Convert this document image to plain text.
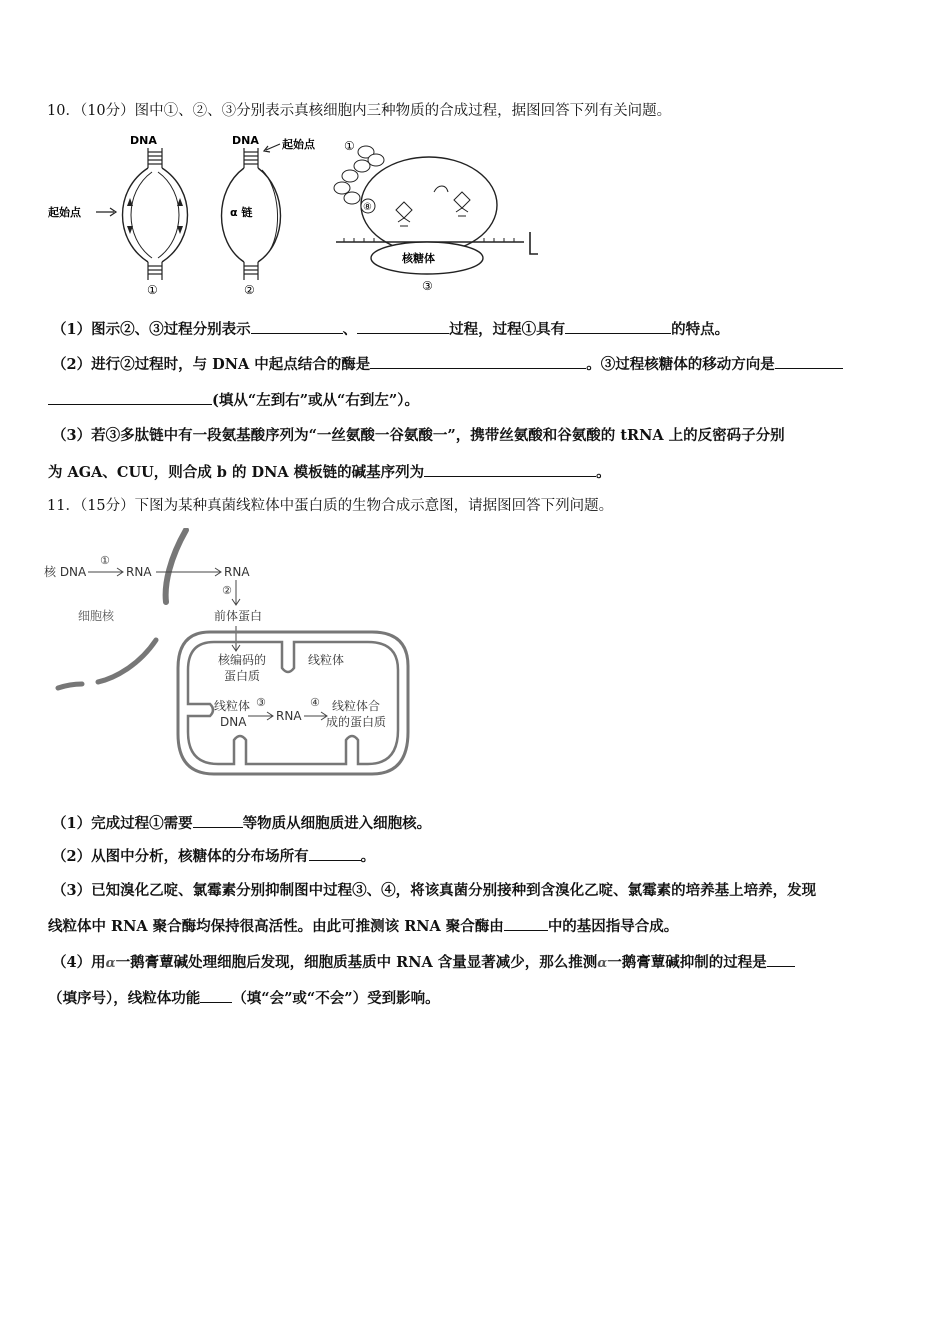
10．（10分）图中①、②、③分别表示真核细胞内三种物质的合成过程，据图回答下列有关问题。
DNA
起始点
①
DNA 起始点
α 链
②
①
⑧
核糖体
③
（1）图示②、③过程分别表示	、	过程，过程①具有	的特点。
（2）进行②过程时，与 DNA 中起点结合的酶是	。③过程核糖体的移动方向是
(填从“左到右”或从“右到左”）。
（3）若③多肽链中有一段氨基酸序列为“一丝氨酸一谷氨酸一”，携带丝氨酸和谷氨酸的 tRNA 上的反密码子分别
为 AGA、CUU，则合成 b 的 DNA 模板链的碱基序列为	。
11．（15分）下图为某种真菌线粒体中蛋白质的生物合成示意图，请据图回答下列问题。
核 DNA
①
RNA	RNA
②
前体蛋白
细胞核
核编码的
蛋白质
线粒体
线粒体
DNA
③
RNA
④ 线粒体合
成的蛋白质
（1）完成过程①需要	等物质从细胞质进入细胞核。
（2）从图中分析，核糖体的分布场所有	。
（3）已知溴化乙啶、氯霉素分别抑制图中过程③、④，将该真菌分别接种到含溴化乙啶、氯霉素的培养基上培养，发现
线粒体中 RNA 聚合酶均保持很高活性。由此可推测该 RNA 聚合酶由	中的基因指导合成。
（4）用α一鹅膏蕈碱处理细胞后发现，细胞质基质中 RNA 含量显著减少，那么推测α一鹅膏蕈碱抑制的过程是
（填序号），线粒体功能 （填“会”或“不会”）受到影响。
